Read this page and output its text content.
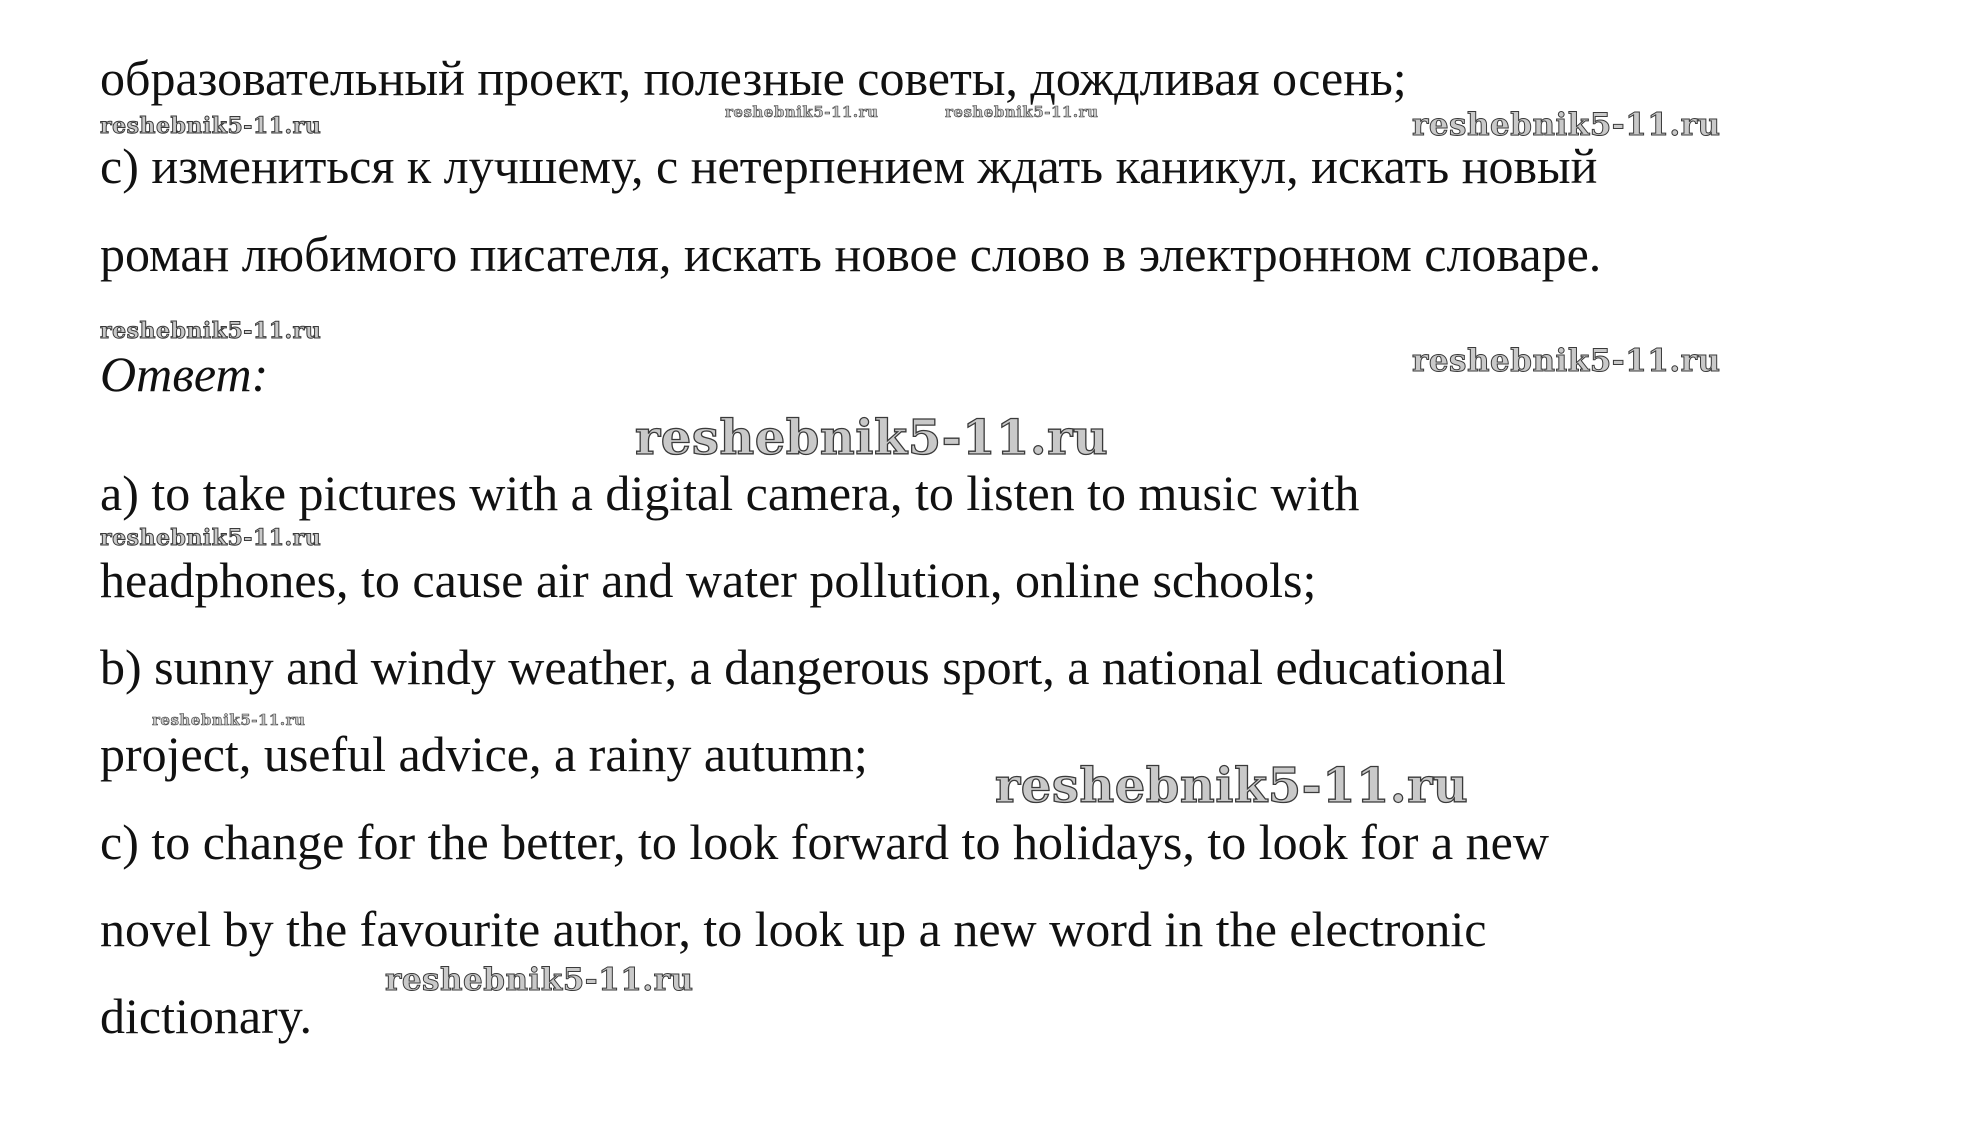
образовательный проект, полезные советы, дождливая осень;

c) измениться к лучшему, с нетерпением ждать каникул, искать новый

роман любимого писателя, искать новое слово в электронном словаре.

Ответ:

a) to take pictures with a digital camera, to listen to music with

headphones, to cause air and water pollution, online schools;

b) sunny and windy weather, a dangerous sport, a national educational

project, useful advice, a rainy autumn;

c) to change for the better, to look forward to holidays, to look for a new

novel by the favourite author, to look up a new word in the electronic

dictionary.

reshebnik5-11.ru
reshebnik5-11.ru	reshebnik5-11.ru	reshebnik5-11.ru
reshebnik5-11.ru
reshebnik5-11.ru
reshebnik5-11.ru
reshebnik5-11.ru
reshebnik5-11.ru
reshebnik5-11.ru
reshebnik5-11.ru
